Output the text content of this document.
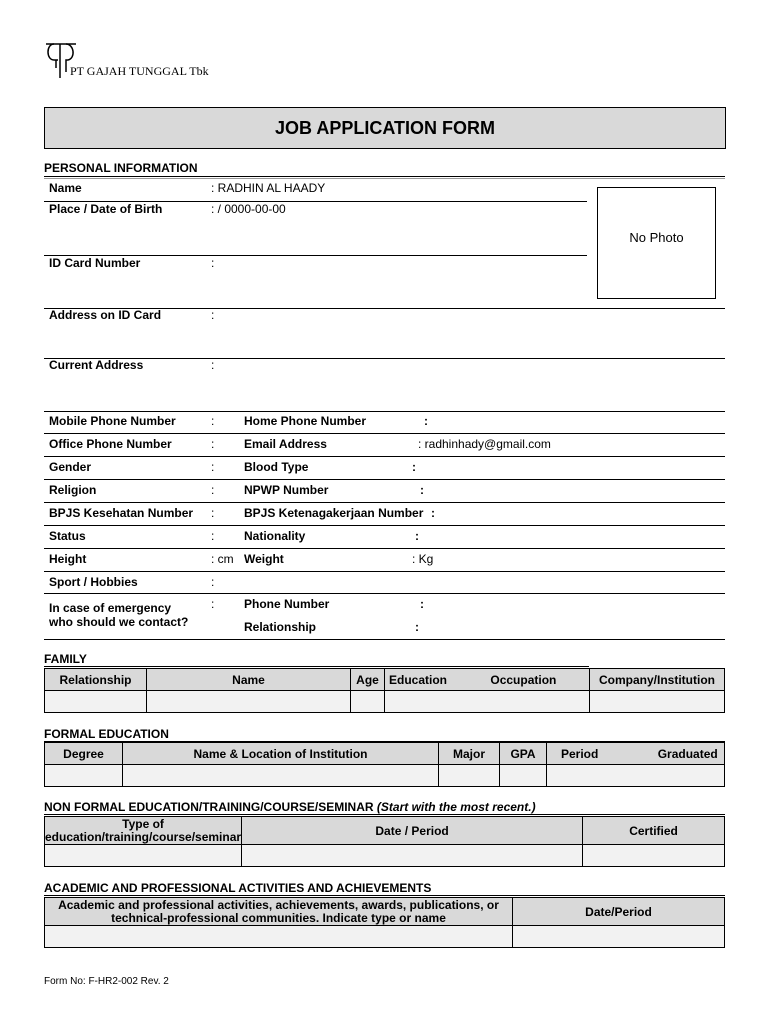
PT GAJAH TUNGGAL Tbk
JOB APPLICATION FORM
PERSONAL INFORMATION
Name	: RADHIN AL HAADY
Place / Date of Birth	: / 0000-00-00
ID Card Number	:
No Photo
Address on ID Card	:
Current Address	:
Mobile Phone Number	: Home Phone Number	:
Office Phone Number	: Email Address	: radhinhady@gmail.com
Gender	: Blood Type	:
Religion	: NPWP Number	:
BPJS Kesehatan Number : BPJS Ketenagakerjaan Number :
Status	: Nationality	:
Height	: cm Weight	: Kg
Sport / Hobbies	:
In case of emergency
who should we contact?
: Phone Number	:
Relationship	:
FAMILY
Relationship	Name	Age	Education Occupation	Company/Institution

FORMAL EDUCATION
Degree	Name & Location of Institution	Major	GPA	Period Graduated

NON FORMAL EDUCATION/TRAINING/COURSE/SEMINAR (Start with the most recent.)
Type of
education/training/course/seminar	Date / Period	Certified

ACADEMIC AND PROFESSIONAL ACTIVITIES AND ACHIEVEMENTS
Academic and professional activities, achievements, awards, publications, or
technical-professional communities. Indicate type or name	Date/Period

Form No: F-HR2-002 Rev. 2
